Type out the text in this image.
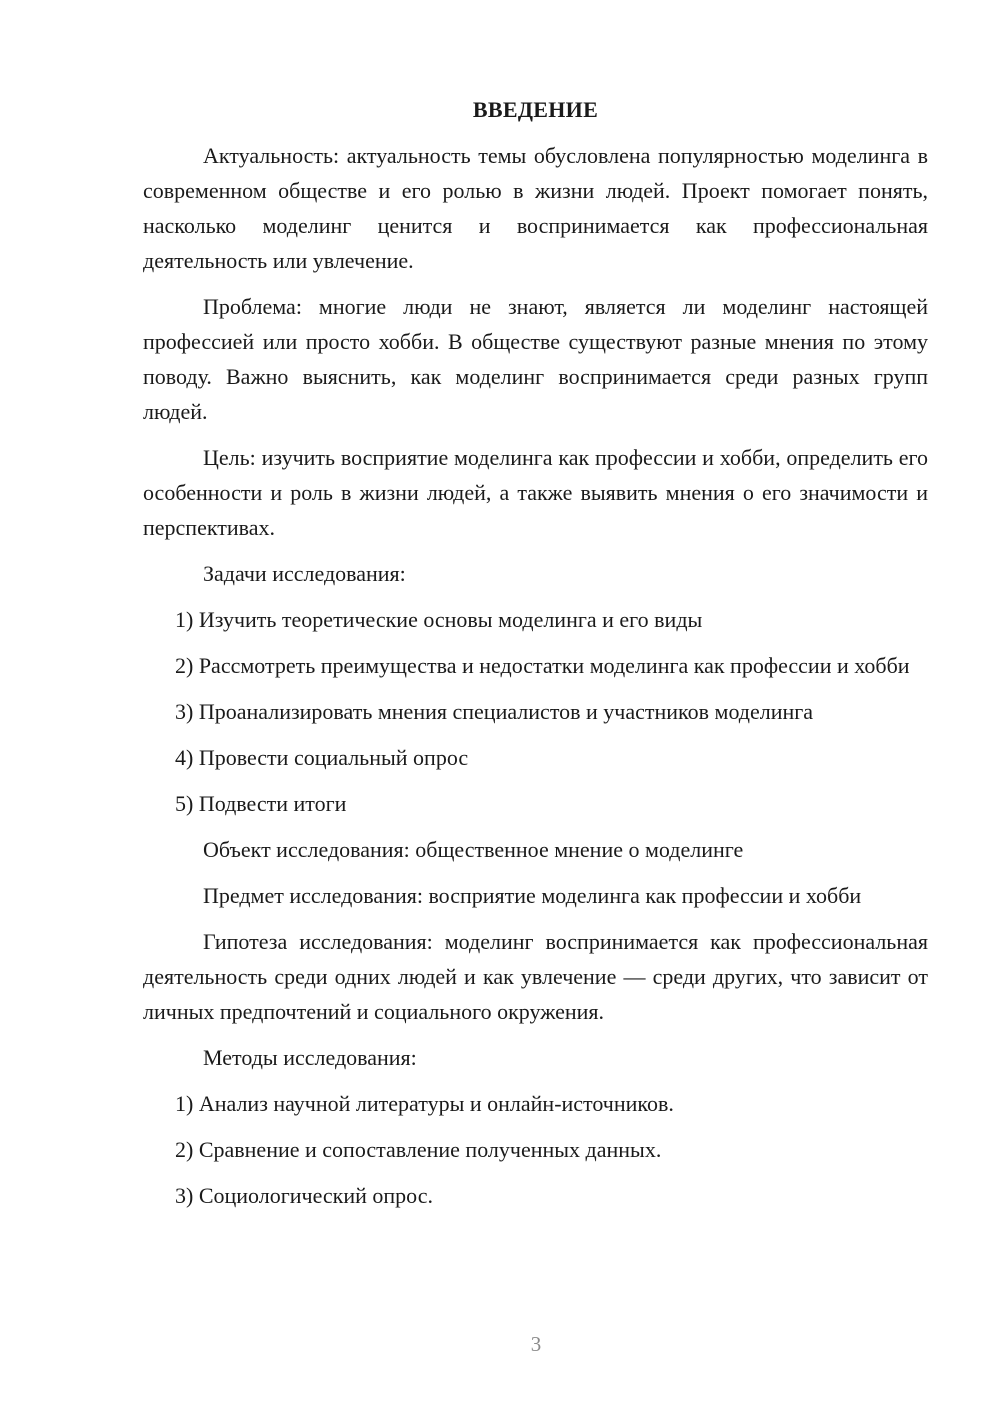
ВВЕДЕНИЕ

Актуальность: актуальность темы обусловлена популярностью моделинга в современном обществе и его ролью в жизни людей. Проект помогает понять, насколько моделинг ценится и воспринимается как профессиональная деятельность или увлечение.

Проблема: многие люди не знают, является ли моделинг настоящей профессией или просто хобби. В обществе существуют разные мнения по этому поводу. Важно выяснить, как моделинг воспринимается среди разных групп людей.

Цель: изучить восприятие моделинга как профессии и хобби, определить его особенности и роль в жизни людей, а также выявить мнения о его значимости и перспективах.

Задачи исследования:

1) Изучить теоретические основы моделинга и его виды

2) Рассмотреть преимущества и недостатки моделинга как профессии и хобби

3) Проанализировать мнения специалистов и участников моделинга

4) Провести социальный опрос

5) Подвести итоги

Объект исследования: общественное мнение о моделинге

Предмет исследования: восприятие моделинга как профессии и хобби

Гипотеза исследования: моделинг воспринимается как профессиональная деятельность среди одних людей и как увлечение — среди других, что зависит от личных предпочтений и социального окружения.

Методы исследования:

1) Анализ научной литературы и онлайн-источников.

2) Сравнение и сопоставление полученных данных.

3) Социологический опрос.

3
